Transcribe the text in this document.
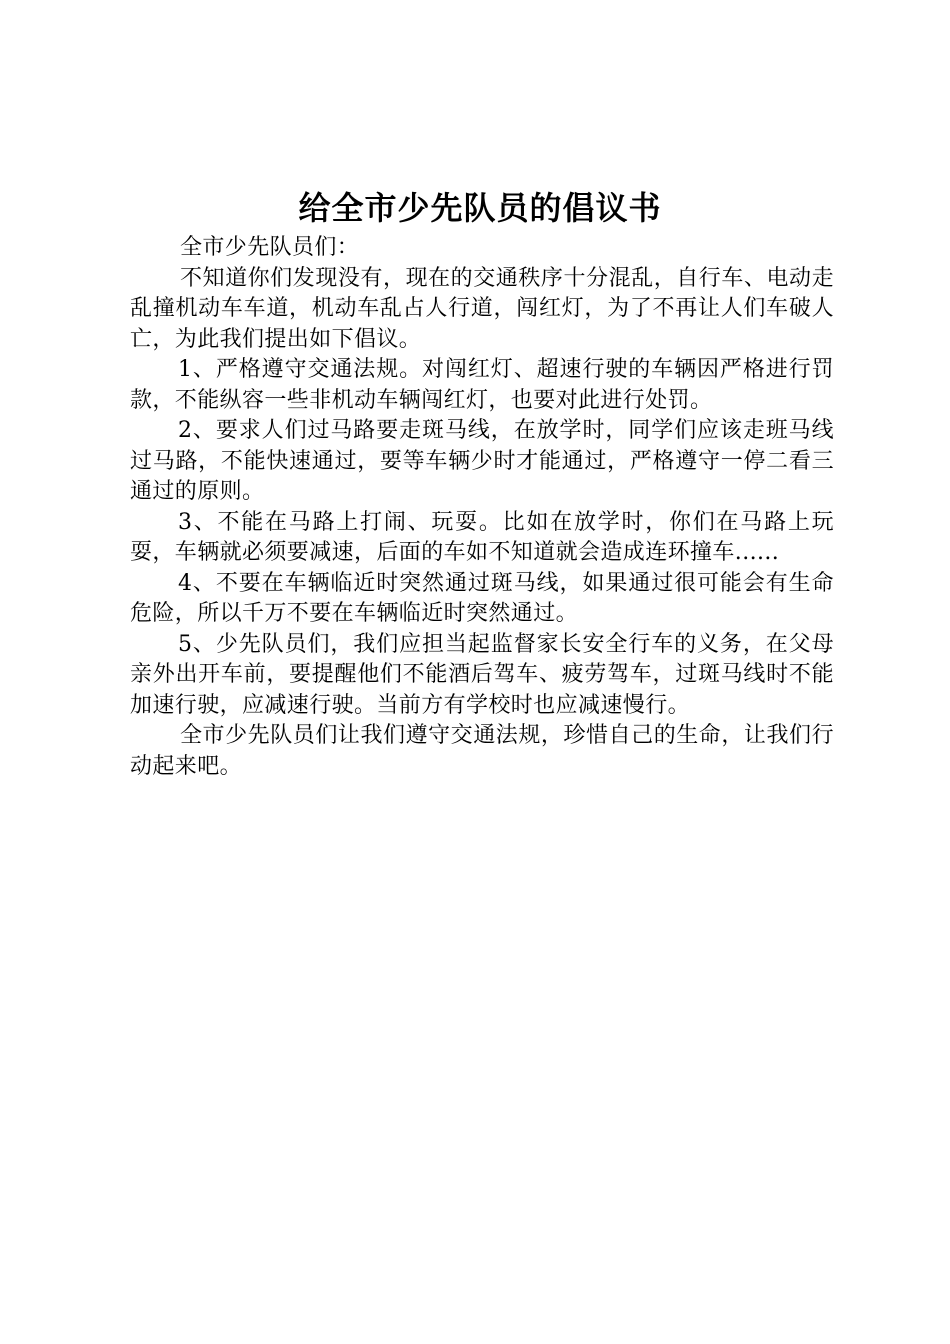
给全市少先队员的倡议书

全市少先队员们：

不知道你们发现没有，现在的交通秩序十分混乱，自行车、电动走乱撞机动车车道，机动车乱占人行道，闯红灯，为了不再让人们车破人亡，为此我们提出如下倡议。

1、严格遵守交通法规。对闯红灯、超速行驶的车辆因严格进行罚款，不能纵容一些非机动车辆闯红灯，也要对此进行处罚。

2、要求人们过马路要走斑马线，在放学时，同学们应该走班马线过马路，不能快速通过，要等车辆少时才能通过，严格遵守一停二看三通过的原则。

3、不能在马路上打闹、玩耍。比如在放学时，你们在马路上玩耍，车辆就必须要减速，后面的车如不知道就会造成连环撞车......

4、不要在车辆临近时突然通过斑马线，如果通过很可能会有生命危险，所以千万不要在车辆临近时突然通过。

5、少先队员们，我们应担当起监督家长安全行车的义务，在父母亲外出开车前，要提醒他们不能酒后驾车、疲劳驾车，过斑马线时不能加速行驶，应减速行驶。当前方有学校时也应减速慢行。

全市少先队员们让我们遵守交通法规，珍惜自己的生命，让我们行动起来吧。
